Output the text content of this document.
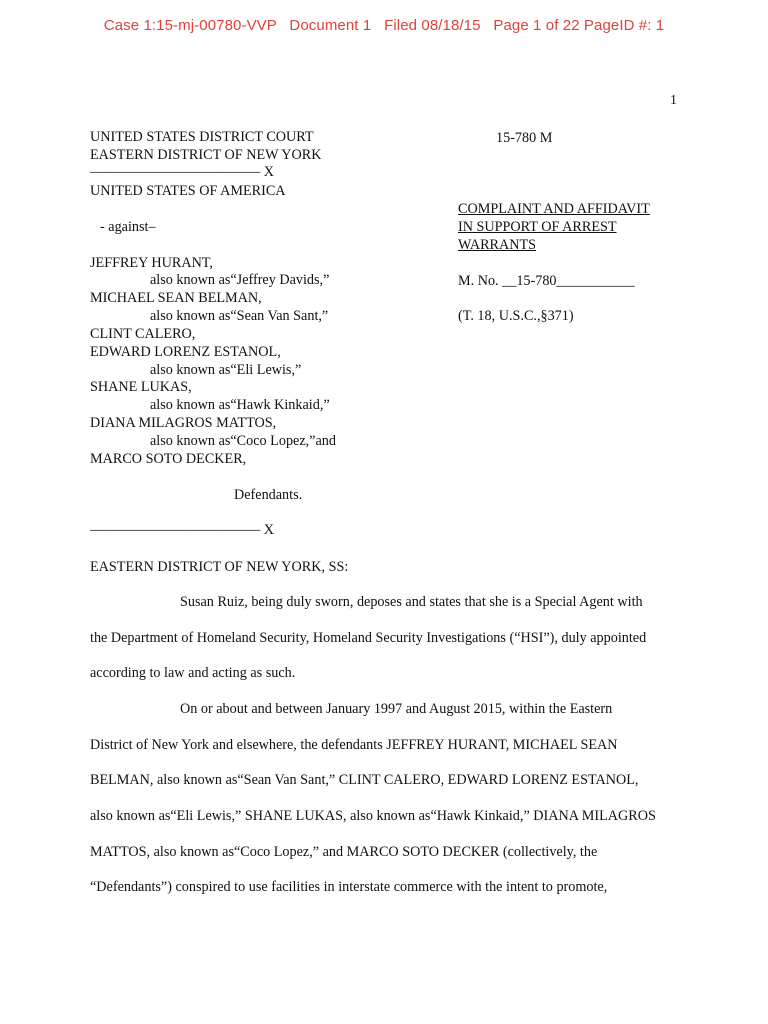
Case 1:15-mj-00780-VVP   Document 1   Filed 08/18/15   Page 1 of 22 PageID #: 1
1
UNITED STATES DISTRICT COURT
EASTERN DISTRICT OF NEW YORK
———————————— X
UNITED STATES OF AMERICA
- against–
JEFFREY HURANT,
also known as“Jeffrey Davids,”
MICHAEL SEAN BELMAN,
also known as“Sean Van Sant,”
CLINT CALERO,
EDWARD LORENZ ESTANOL,
also known as“Eli Lewis,”
SHANE LUKAS,
also known as“Hawk Kinkaid,”
DIANA MILAGROS MATTOS,
also known as“Coco Lopez,”and
MARCO SOTO DECKER,
Defendants.
———————————— X
15-780 M
COMPLAINT AND AFFIDAVIT
IN SUPPORT OF ARREST
WARRANTS
M. No. __15-780___________
(T. 18, U.S.C.,§371)
EASTERN DISTRICT OF NEW YORK, SS:
Susan Ruiz, being duly sworn, deposes and states that she is a Special Agent with
the Department of Homeland Security, Homeland Security Investigations (“HSI”), duly appointed
according to law and acting as such.
On or about and between January 1997 and August 2015, within the Eastern
District of New York and elsewhere, the defendants JEFFREY HURANT, MICHAEL SEAN
BELMAN, also known as“Sean Van Sant,” CLINT CALERO, EDWARD LORENZ ESTANOL,
also known as“Eli Lewis,” SHANE LUKAS, also known as“Hawk Kinkaid,” DIANA MILAGROS
MATTOS, also known as“Coco Lopez,” and MARCO SOTO DECKER (collectively, the
“Defendants”) conspired to use facilities in interstate commerce with the intent to promote,
